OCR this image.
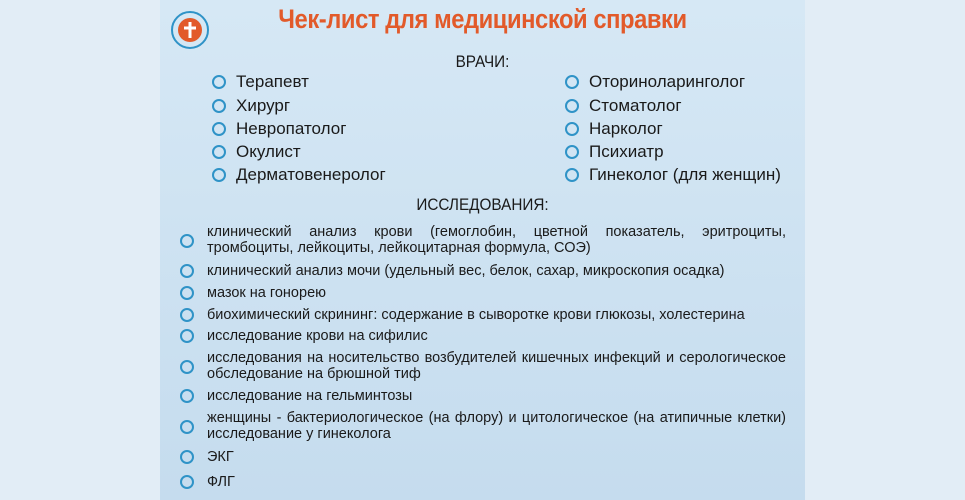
Чек-лист для медицинской справки
ВРАЧИ:
Терапевт
Хирург
Невропатолог
Окулист
Дерматовенеролог
Оториноларинголог
Стоматолог
Нарколог
Психиатр
Гинеколог (для женщин)
ИССЛЕДОВАНИЯ:
клинический анализ крови (гемоглобин, цветной показатель, эритроциты, тромбоциты, лейкоциты, лейкоцитарная формула, СОЭ)
клинический анализ мочи (удельный вес, белок, сахар, микроскопия осадка)
мазок на гонорею
биохимический скрининг: содержание в сыворотке крови глюкозы, холестерина
исследование крови на сифилис
исследования на носительство возбудителей кишечных инфекций и серологическое обследование на брюшной тиф
исследование на гельминтозы
женщины - бактериологическое (на флору) и цитологическое (на атипичные клетки) исследование у гинеколога
ЭКГ
ФЛГ
